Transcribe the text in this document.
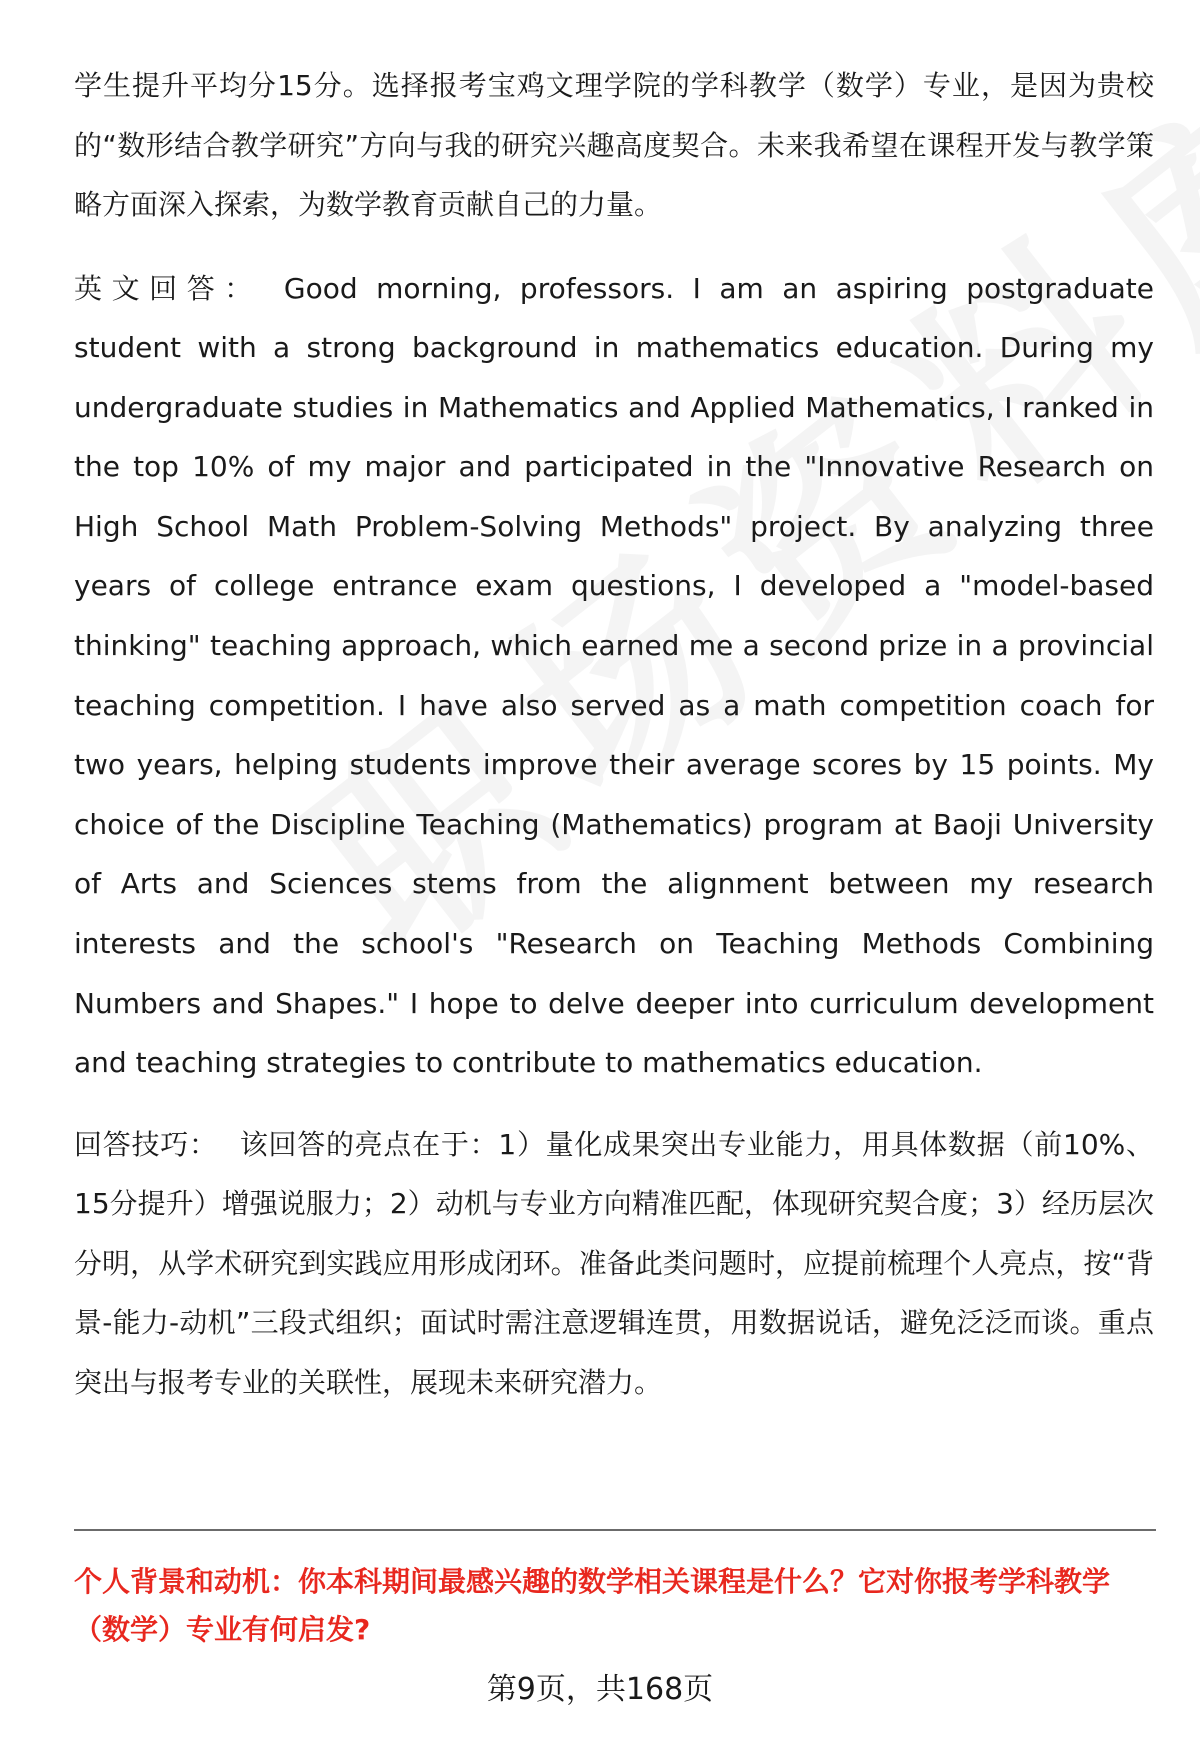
学生提升平均分15分。选择报考宝鸡文理学院的学科教学（数学）专业，是因为贵校的“数形结合教学研究”方向与我的研究兴趣高度契合。未来我希望在课程开发与教学策略方面深入探索，为数学教育贡献自己的力量。

英文回答： Good morning, professors. I am an aspiring postgraduate student with a strong background in mathematics education. During my undergraduate studies in Mathematics and Applied Mathematics, I ranked in the top 10% of my major and participated in the "Innovative Research on High School Math Problem-Solving Methods" project. By analyzing three years of college entrance exam questions, I developed a "model-based thinking" teaching approach, which earned me a second prize in a provincial teaching competition. I have also served as a math competition coach for two years, helping students improve their average scores by 15 points. My choice of the Discipline Teaching (Mathematics) program at Baoji University of Arts and Sciences stems from the alignment between my research interests and the school's "Research on Teaching Methods Combining Numbers and Shapes." I hope to delve deeper into curriculum development and teaching strategies to contribute to mathematics education.

回答技巧： 该回答的亮点在于：1）量化成果突出专业能力，用具体数据（前10%、15分提升）增强说服力；2）动机与专业方向精准匹配，体现研究契合度；3）经历层次分明，从学术研究到实践应用形成闭环。准备此类问题时，应提前梳理个人亮点，按“背景-能力-动机”三段式组织；面试时需注意逻辑连贯，用数据说话，避免泛泛而谈。重点突出与报考专业的关联性，展现未来研究潜力。

个人背景和动机：你本科期间最感兴趣的数学相关课程是什么？它对你报考学科教学（数学）专业有何启发?

第9页，共168页
